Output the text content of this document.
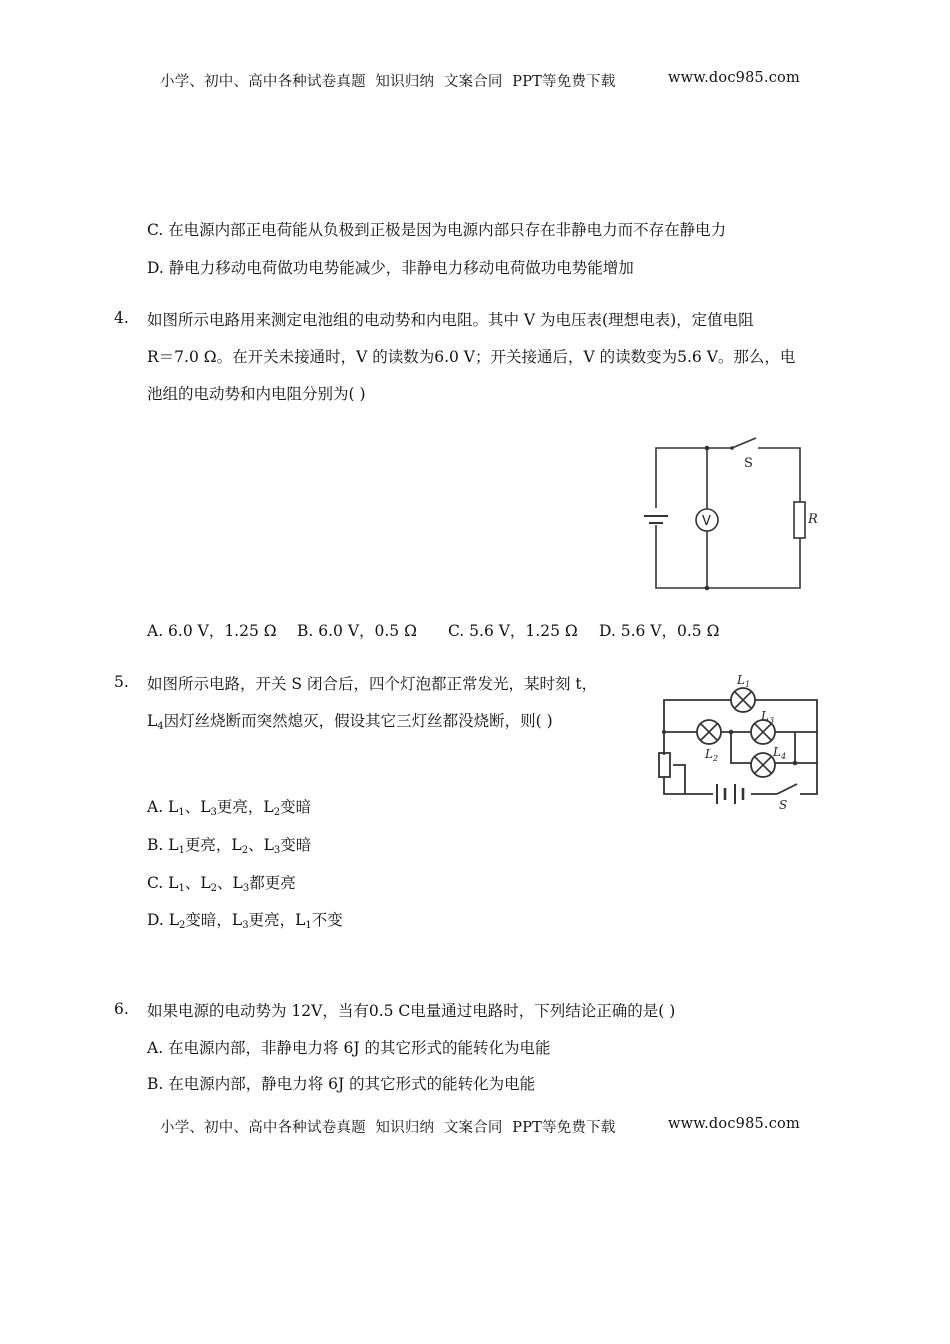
小学、初中、高中各种试卷真题  知识归纳  文案合同  PPT等免费下载	www.doc985.com
C. 在电源内部正电荷能从负极到正极是因为电源内部只存在非静电力而不存在静电力
D. 静电力移动电荷做功电势能减少，非静电力移动电荷做功电势能增加
4. 如图所示电路用来测定电池组的电动势和内电阻。其中 V 为电压表(理想电表)，定值电阻
R＝7.0 Ω。在开关未接通时，V 的读数为6.0 V；开关接通后，V 的读数变为5.6 V。那么，电
池组的电动势和内电阻分别为( )
V
S
R
A. 6.0 V，1.25 Ω B. 6.0 V，0.5 Ω C. 5.6 V，1.25 Ω D. 5.6 V，0.5 Ω
5. 如图所示电路，开关 S 闭合后，四个灯泡都正常发光，某时刻 t，
$L_4$因灯丝烧断而突然熄灭，假设其它三灯丝都没烧断，则( )
$L_1$
$L_2$
$L_3$
$L_4$
S
A. $L_1$、$L_3$更亮，$L_2$变暗
B. $L_1$更亮，$L_2$、$L_3$变暗
C. $L_1$、$L_2$、$L_3$都更亮
D. $L_2$变暗，$L_3$更亮，$L_1$不变
6. 如果电源的电动势为 12V，当有0.5 C电量通过电路时，下列结论正确的是( )
A. 在电源内部，非静电力将 6J 的其它形式的能转化为电能
B. 在电源内部，静电力将 6J 的其它形式的能转化为电能
小学、初中、高中各种试卷真题  知识归纳  文案合同  PPT等免费下载	www.doc985.com
